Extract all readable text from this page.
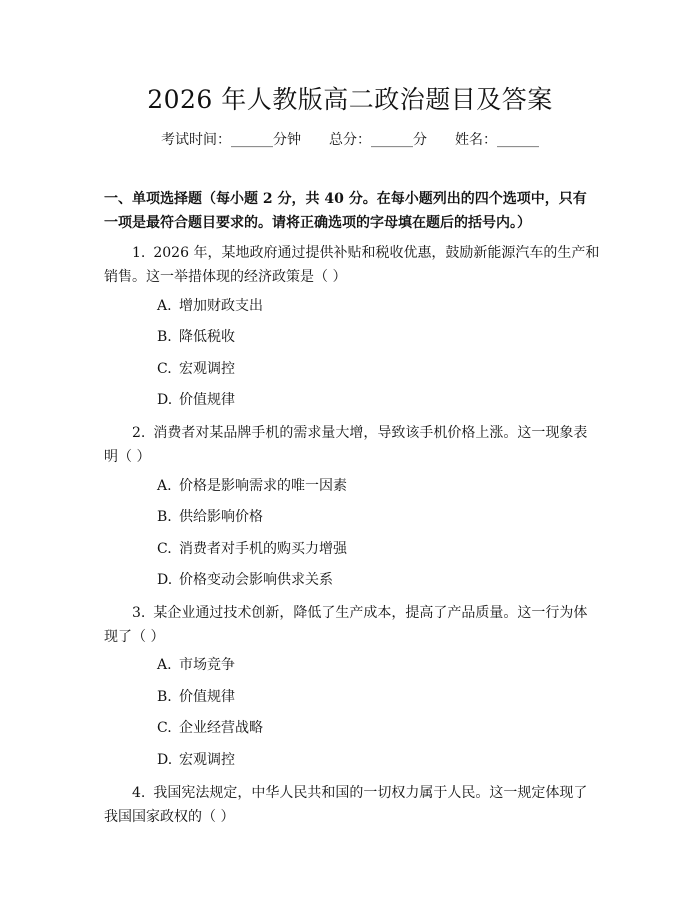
2026 年人教版高二政治题目及答案
考试时间：______分钟 总分：______分 姓名：______
一、单项选择题（每小题 2 分，共 40 分。在每小题列出的四个选项中，只有一项是最符合题目要求的。请将正确选项的字母填在题后的括号内。）
1. 2026 年，某地政府通过提供补贴和税收优惠，鼓励新能源汽车的生产和销售。这一举措体现的经济政策是（ ）
A. 增加财政支出
B. 降低税收
C. 宏观调控
D. 价值规律
2. 消费者对某品牌手机的需求量大增，导致该手机价格上涨。这一现象表明（ ）
A. 价格是影响需求的唯一因素
B. 供给影响价格
C. 消费者对手机的购买力增强
D. 价格变动会影响供求关系
3. 某企业通过技术创新，降低了生产成本，提高了产品质量。这一行为体现了（ ）
A. 市场竞争
B. 价值规律
C. 企业经营战略
D. 宏观调控
4. 我国宪法规定，中华人民共和国的一切权力属于人民。这一规定体现了我国国家政权的（ ）
